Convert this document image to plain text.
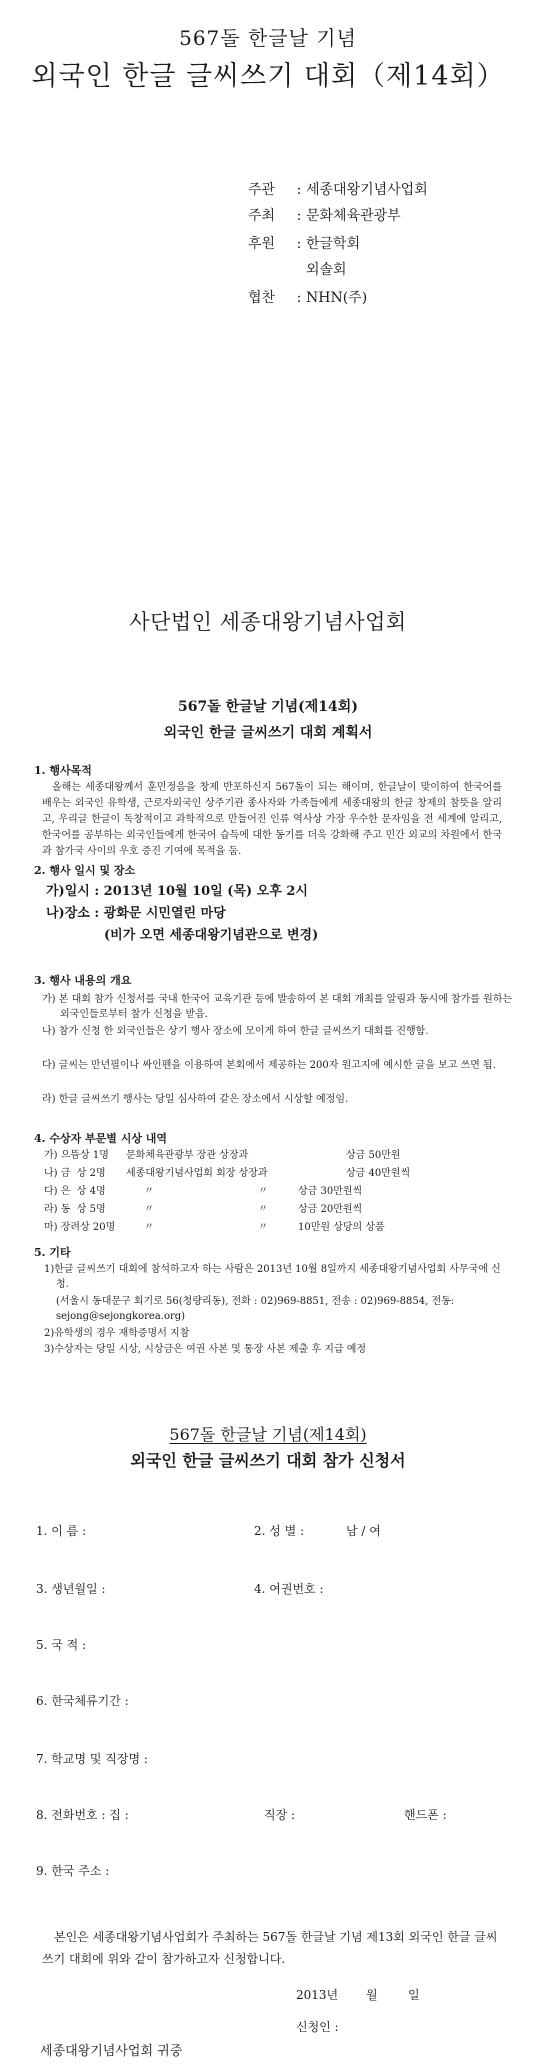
567돌 한글날 기념
외국인 한글 글씨쓰기 대회（제14회）
주관 : 세종대왕기념사업회
주최 : 문화체육관광부
후원 : 한글학회
외솔회
협찬 : NHN(주)
사단법인 세종대왕기념사업회
567돌 한글날 기념(제14회)
외국인 한글 글씨쓰기 대회 계획서
1. 행사목적
올해는 세종대왕께서 훈민정음을 창제 반포하신지 567돌이 되는 해이며, 한글날이 맞이하여 한국어를 배우는 외국인 유학생, 근로자외국인 상주기관 종사자와 가족들에게 세종대왕의 한글 창제의 참뜻을 알리고, 우리글 한글이 독창적이고 과학적으로 만들어진 인류 역사상 가장 우수한 문자임을 전 세계에 알리고, 한국어를 공부하는 외국인들에게 한국어 습득에 대한 동기를 더욱 강화해 주고 민간 외교의 차원에서 한국과 참가국 사이의 우호 증진 기여에 목적을 둠.
2. 행사 일시 및 장소
가)일시 : 2013년 10월 10일 (목) 오후 2시
나)장소 : 광화문 시민열린 마당
(비가 오면 세종대왕기념관으로 변경)
3. 행사 내용의 개요
가) 본 대회 참가 신청서를 국내 한국어 교육기관 등에 발송하여 본 대회 개최를 알림과 동시에 참가를 원하는 외국인들로부터 참가 신청을 받음.
나) 참가 신청 한 외국인들은 상기 행사 장소에 모이게 하여 한글 글씨쓰기 대회를 진행함.
다) 글씨는 만년필이나 싸인펜을 이용하여 본회에서 제공하는 200자 원고지에 예시한 글을 보고 쓰면 됨.
라) 한글 글씨쓰기 행사는 당일 심사하여 같은 장소에서 시상할 예정임.
4. 수상자 부문별 시상 내역
가) 으뜸상 1명 문화체육관광부 장관 상장과	상금 50만원
나) 금  상 2명 세종대왕기념사업회 회장 상장과	상금 40만원씩
다) 은  상 4명	〃	〃	상금 30만원씩
라) 동  상 5명	〃	〃	상금 20만원씩
마) 장려상 20명	〃	〃	10만원 상당의 상품
5. 기타
1)한글 글씨쓰기 대회에 참석하고자 하는 사람은 2013년 10월 8일까지 세종대왕기념사업회 사무국에 신청.
(서울시 동대문구 회기로 56(청량리동), 전화 : 02)969-8851, 전송 : 02)969-8854, 전동: sejong@sejongkorea.org)
2)유학생의 경우 재학증명서 지참
3)수상자는 당일 시상, 시상금은 여권 사본 및 통장 사본 제출 후 지급 예정
567돌 한글날 기념(제14회)
외국인 한글 글씨쓰기 대회 참가 신청서
1. 이 름 :	2. 성 별 :	남 / 여
3. 생년월일 :	4. 여권번호 :
5. 국 적 :
6. 한국체류기간 :
7. 학교명 및 직장명 :
8. 전화번호 : 집 :	직장 :	핸드폰 :
9. 한국 주소 :
본인은 세종대왕기념사업회가 주최하는 567돌 한글날 기념 제13회 외국인 한글 글씨쓰기 대회에 위와 같이 참가하고자 신청합니다.
2013년 월	일
신청인 :
세종대왕기념사업회 귀중
